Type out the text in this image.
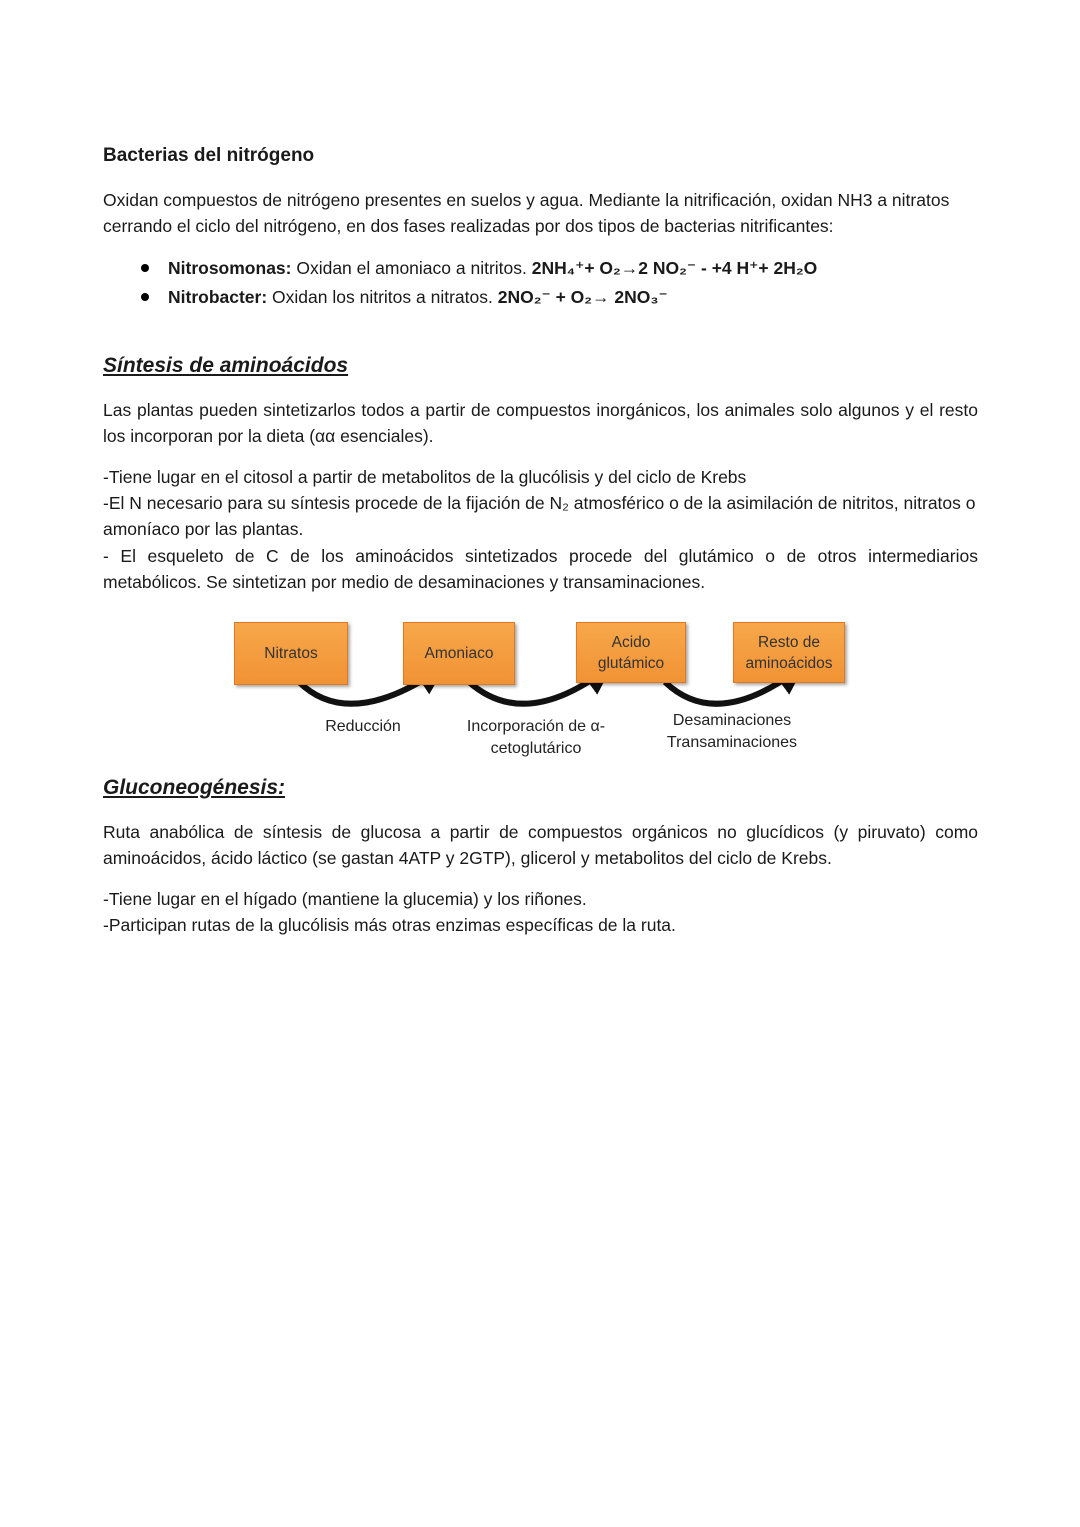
Bacterias del nitrógeno

Oxidan compuestos de nitrógeno presentes en suelos y agua. Mediante la nitrificación, oxidan NH3 a nitratos cerrando el ciclo del nitrógeno, en dos fases realizadas por dos tipos de bacterias nitrificantes:

Nitrosomonas: Oxidan el amoniaco a nitritos. 2NH₄⁺+ O₂→2 NO₂⁻ - +4 H⁺+ 2H₂O
Nitrobacter: Oxidan los nitritos a nitratos. 2NO₂⁻ + O₂→ 2NO₃⁻
Síntesis de aminoácidos

Las plantas pueden sintetizarlos todos a partir de compuestos inorgánicos, los animales solo algunos y el resto los incorporan por la dieta (αα esenciales).

-Tiene lugar en el citosol a partir de metabolitos de la glucólisis y del ciclo de Krebs

-El N necesario para su síntesis procede de la fijación de N₂ atmosférico o de la asimilación de nitritos, nitratos o amoníaco por las plantas.

- El esqueleto de C de los aminoácidos sintetizados procede del glutámico o de otros intermediarios metabólicos. Se sintetizan por medio de desaminaciones y transaminaciones.

Nitratos	Amoniaco
Acido glutámico
Resto de aminoácidos
Reducción	Incorporación de α-cetoglutárico
Desaminaciones Transaminaciones
Gluconeogénesis:

Ruta anabólica de síntesis de glucosa a partir de compuestos orgánicos no glucídicos (y piruvato) como aminoácidos, ácido láctico (se gastan 4ATP y 2GTP), glicerol y metabolitos del ciclo de Krebs.

-Tiene lugar en el hígado (mantiene la glucemia) y los riñones.

-Participan rutas de la glucólisis más otras enzimas específicas de la ruta.
